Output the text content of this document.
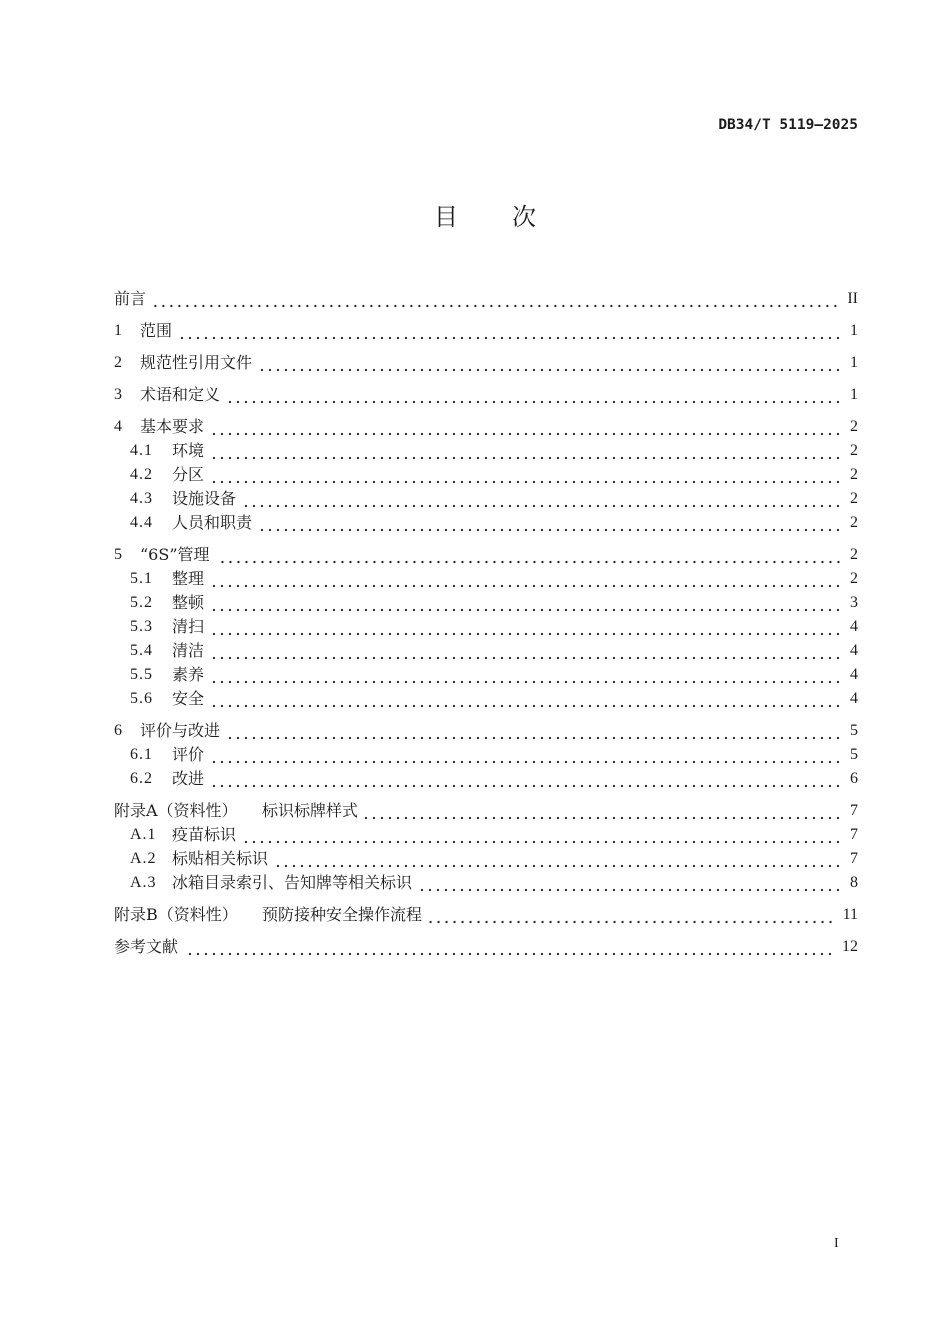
DB34/T 5119—2025
目　　次
前言	II
1	范围	1
2	规范性引用文件	1
3	术语和定义	1
4	基本要求	2
4.1	环境	2
4.2	分区	2
4.3	设施设备	2
4.4	人员和职责	2
5	“6S”管理	2
5.1	整理	2
5.2	整顿	3
5.3	清扫	4
5.4	清洁	4
5.5	素养	4
5.6	安全	4
6	评价与改进	5
6.1	评价	5
6.2	改进	6
附录A（资料性）	标识标牌样式	7
A.1 疫苗标识	7
A.2 标贴相关标识	7
A.3 冰箱目录索引、告知牌等相关标识	8
附录B（资料性）	预防接种安全操作流程	11
参考文献	12
I
